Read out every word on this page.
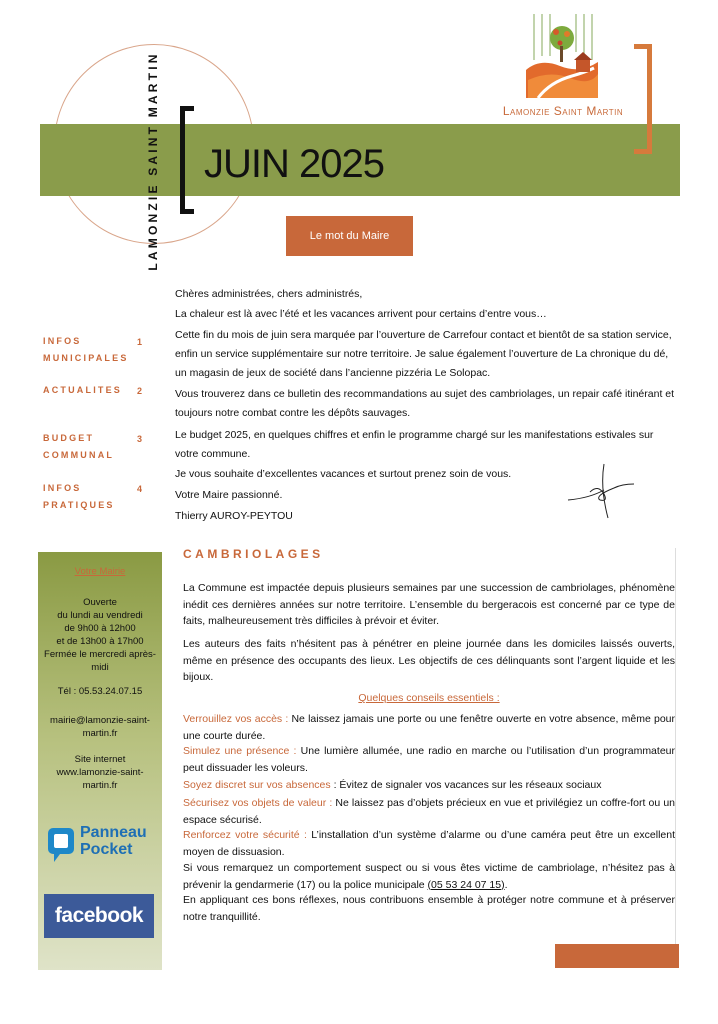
LAMONZIE SAINT MARTIN JUIN 2025
Lamonzie Saint Martin
Le mot du Maire
INFOS MUNICIPALES
1
ACTUALITES	2
BUDGET COMMUNAL
3
INFOS PRATIQUES
4
Chères administrées, chers administrés,
La chaleur est là avec l’été et les vacances arrivent pour certains d’entre vous…
Cette fin du mois de juin sera marquée par l’ouverture de Carrefour contact et bientôt de sa station service, enfin un service supplémentaire sur notre territoire. Je salue également l’ouverture de La chronique du dé, un magasin de jeux de société dans l’ancienne pizzéria Le Solopac.
Vous trouverez dans ce bulletin des recommandations au sujet des cambriolages, un repair café itinérant et toujours notre combat contre les dépôts sauvages.
Le budget 2025, en quelques chiffres et enfin le programme chargé sur les manifestations estivales sur votre commune.
Je vous souhaite d’excellentes vacances et surtout prenez soin de vous.
Votre Maire passionné.
Thierry AUROY-PEYTOU
Votre Mairie
Ouverte
du lundi au vendredi
de 9h00 à 12h00
et de 13h00 à 17h00
Fermée le mercredi après-
midi
Tél : 05.53.24.07.15
mairie@lamonzie-saint-
martin.fr
Site internet
www.lamonzie-saint-
martin.fr
Panneau
Pocket
facebook
CAMBRIOLAGES
La Commune est impactée depuis plusieurs semaines par une succession de cambriolages, phénomène inédit ces dernières années sur notre territoire. L’ensemble du bergeracois est concerné par ce type de faits, malheureusement très difficiles à prévoir et éviter.
Les auteurs des faits n’hésitent pas à pénétrer en pleine journée dans les domiciles laissés ouverts, même en présence des occupants des lieux. Les objectifs de ces délinquants sont l’argent liquide et les bijoux.
Quelques conseils essentiels :
Verrouillez vos accès : Ne laissez jamais une porte ou une fenêtre ouverte en votre absence, même pour une courte durée.
Simulez une présence : Une lumière allumée, une radio en marche ou l’utilisation d’un programmateur peut dissuader les voleurs.
Soyez discret sur vos absences : Évitez de signaler vos vacances sur les réseaux sociaux
Sécurisez vos objets de valeur : Ne laissez pas d’objets précieux en vue et privilégiez un coffre-fort ou un espace sécurisé.
Renforcez votre sécurité : L’installation d’un système d’alarme ou d’une caméra peut être un excellent moyen de dissuasion.
Si vous remarquez un comportement suspect ou si vous êtes victime de cambriolage, n’hésitez pas à prévenir la gendarmerie (17) ou la police municipale (05 53 24 07 15).
En appliquant ces bons réflexes, nous contribuons ensemble à protéger notre commune et à préserver notre tranquillité.
